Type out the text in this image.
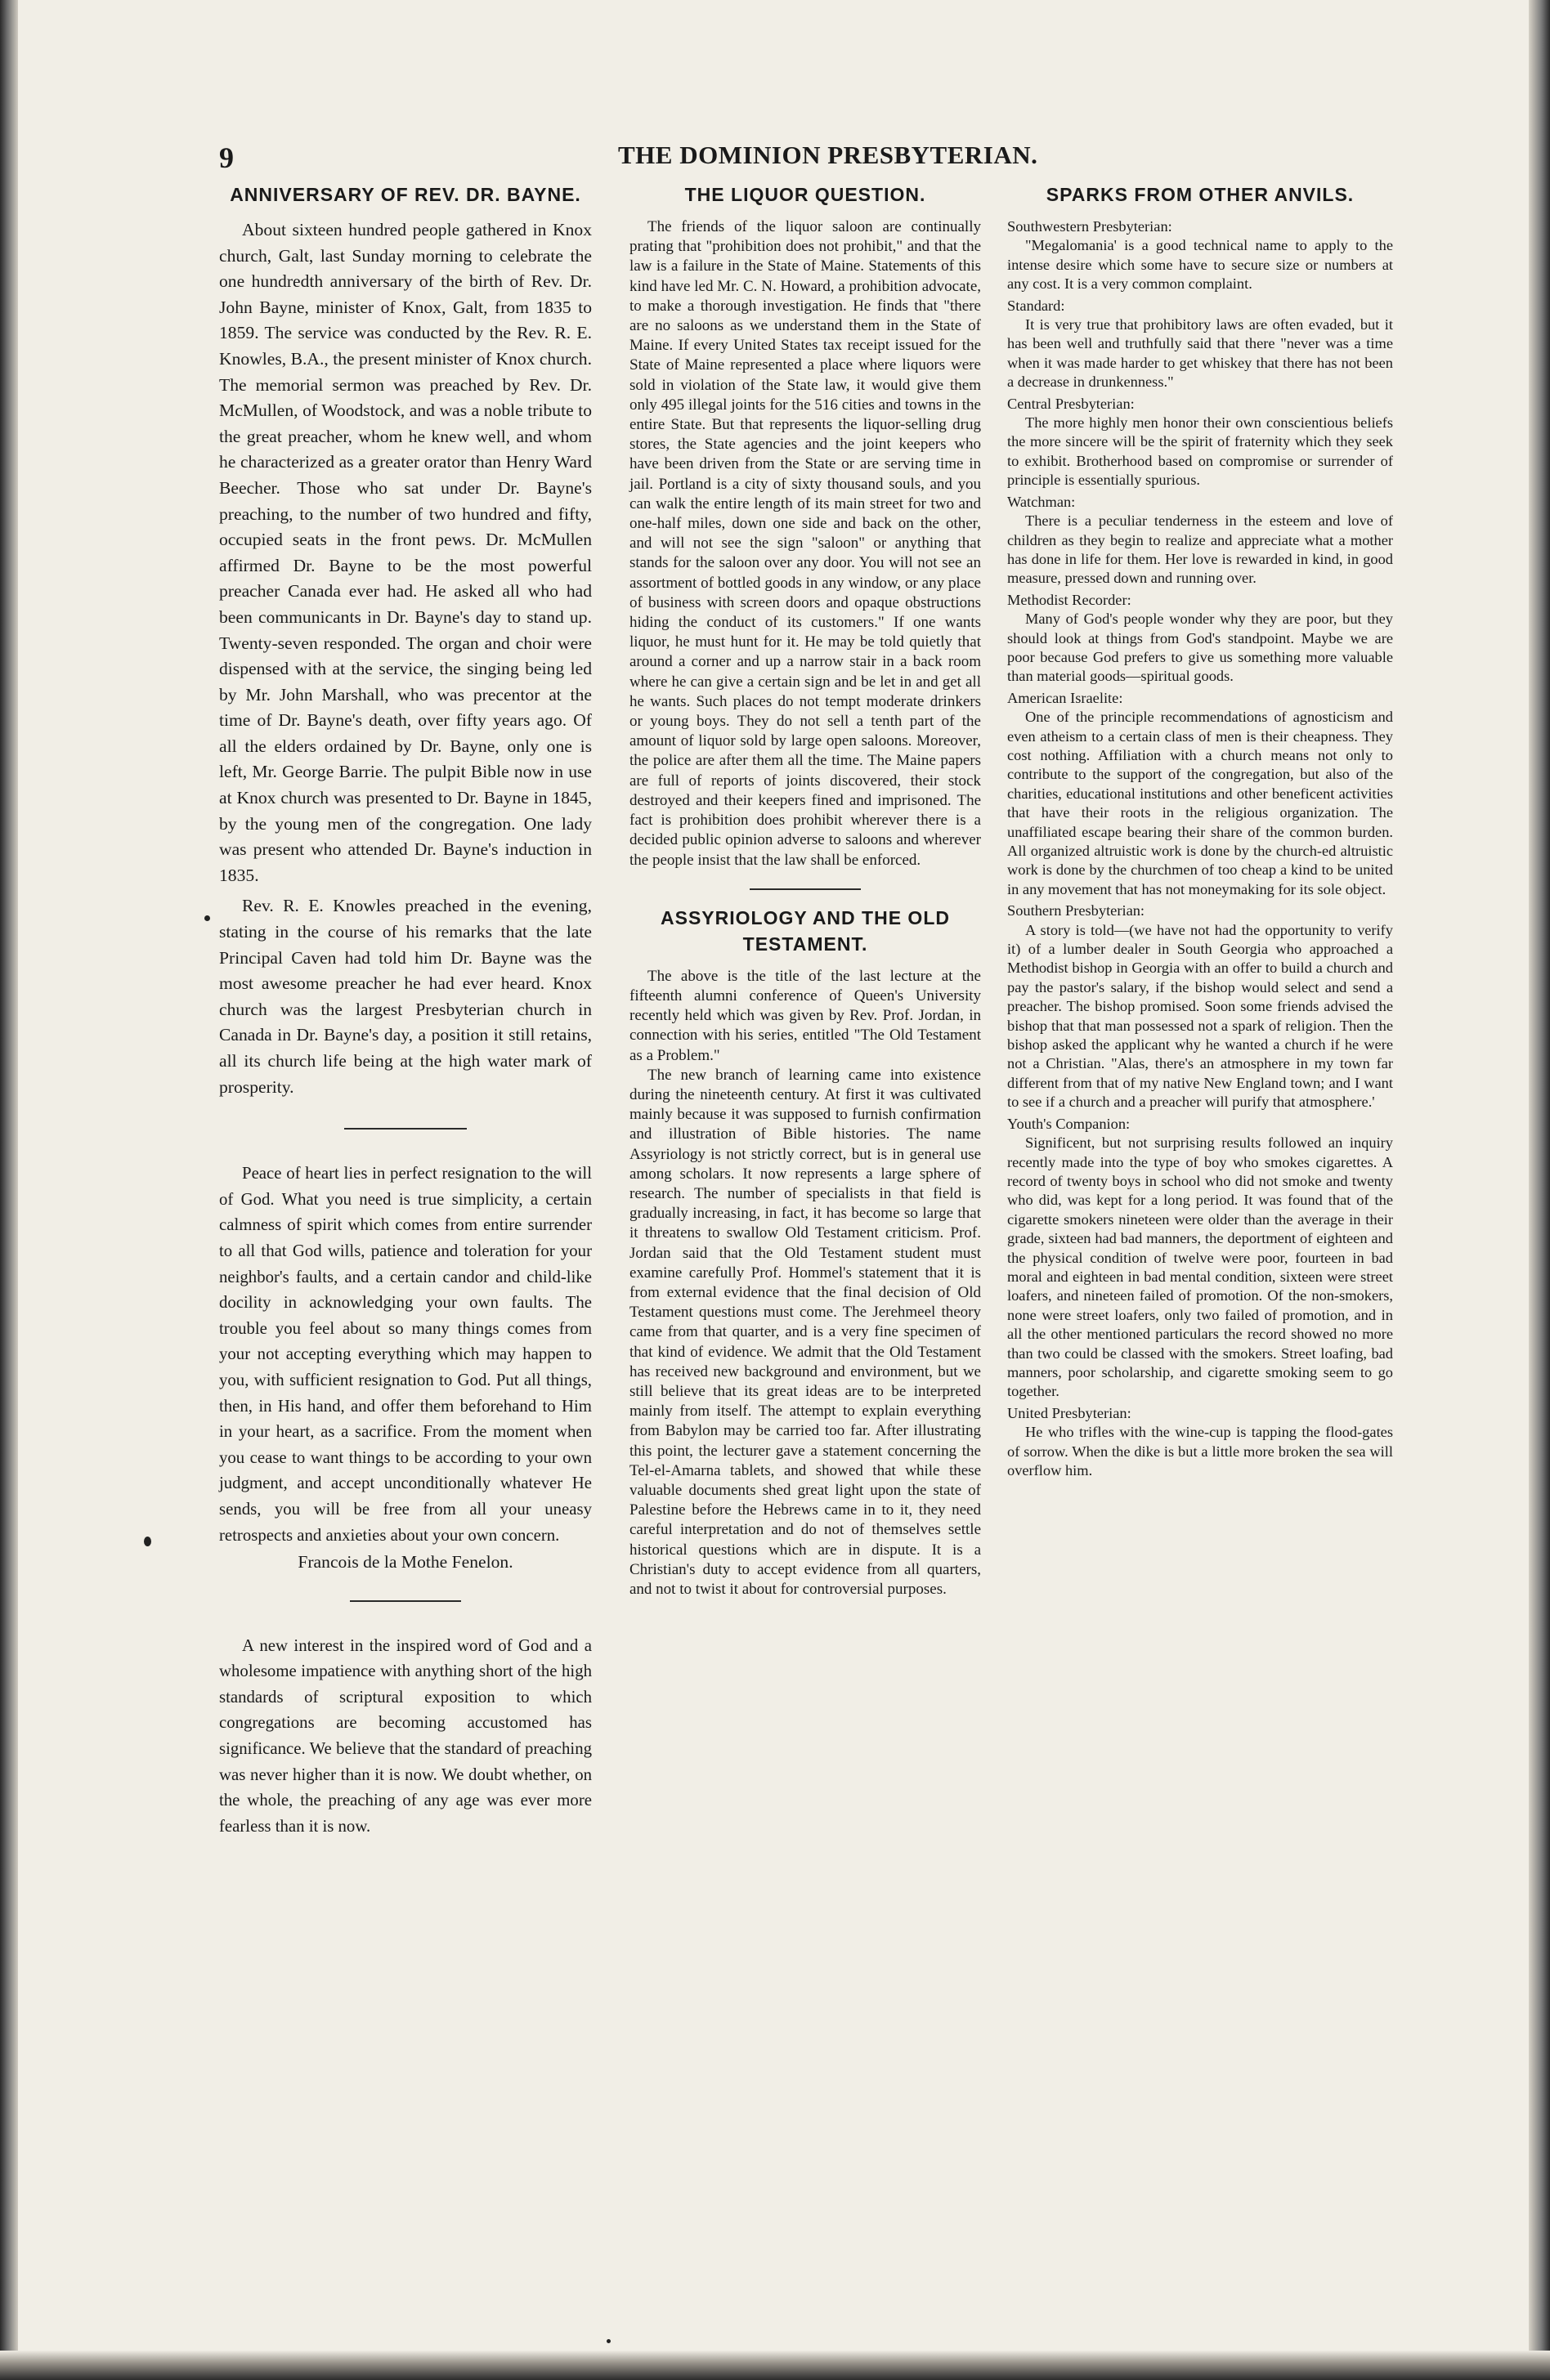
9	THE DOMINION PRESBYTERIAN.
ANNIVERSARY OF REV. DR. BAYNE.

About sixteen hundred people gathered in Knox church, Galt, last Sunday morning to celebrate the one hundredth anniversary of the birth of Rev. Dr. John Bayne, minister of Knox, Galt, from 1835 to 1859. The service was conducted by the Rev. R. E. Knowles, B.A., the present minister of Knox church. The memorial sermon was preached by Rev. Dr. McMullen, of Woodstock, and was a noble tribute to the great preacher, whom he knew well, and whom he characterized as a greater orator than Henry Ward Beecher. Those who sat under Dr. Bayne's preaching, to the number of two hundred and fifty, occupied seats in the front pews. Dr. McMullen affirmed Dr. Bayne to be the most powerful preacher Canada ever had. He asked all who had been communicants in Dr. Bayne's day to stand up. Twenty-seven responded. The organ and choir were dispensed with at the service, the singing being led by Mr. John Marshall, who was precentor at the time of Dr. Bayne's death, over fifty years ago. Of all the elders ordained by Dr. Bayne, only one is left, Mr. George Barrie. The pulpit Bible now in use at Knox church was presented to Dr. Bayne in 1845, by the young men of the congregation. One lady was present who attended Dr. Bayne's induction in 1835.

Rev. R. E. Knowles preached in the evening, stating in the course of his remarks that the late Principal Caven had told him Dr. Bayne was the most awesome preacher he had ever heard. Knox church was the largest Presbyterian church in Canada in Dr. Bayne's day, a position it still retains, all its church life being at the high water mark of prosperity.

Peace of heart lies in perfect resignation to the will of God. What you need is true simplicity, a certain calmness of spirit which comes from entire surrender to all that God wills, patience and toleration for your neighbor's faults, and a certain candor and child-like docility in acknowledging your own faults. The trouble you feel about so many things comes from your not accepting everything which may happen to you, with sufficient resignation to God. Put all things, then, in His hand, and offer them beforehand to Him in your heart, as a sacrifice. From the moment when you cease to want things to be according to your own judgment, and accept unconditionally whatever He sends, you will be free from all your uneasy retrospects and anxieties about your own concern.

Francois de la Mothe Fenelon.

A new interest in the inspired word of God and a wholesome impatience with anything short of the high standards of scriptural exposition to which congregations are becoming accustomed has significance. We believe that the standard of preaching was never higher than it is now. We doubt whether, on the whole, the preaching of any age was ever more fearless than it is now.

THE LIQUOR QUESTION.

The friends of the liquor saloon are continually prating that "prohibition does not prohibit," and that the law is a failure in the State of Maine. Statements of this kind have led Mr. C. N. Howard, a prohibition advocate, to make a thorough investigation. He finds that "there are no saloons as we understand them in the State of Maine. If every United States tax receipt issued for the State of Maine represented a place where liquors were sold in violation of the State law, it would give them only 495 illegal joints for the 516 cities and towns in the entire State. But that represents the liquor-selling drug stores, the State agencies and the joint keepers who have been driven from the State or are serving time in jail. Portland is a city of sixty thousand souls, and you can walk the entire length of its main street for two and one-half miles, down one side and back on the other, and will not see the sign "saloon" or anything that stands for the saloon over any door. You will not see an assortment of bottled goods in any window, or any place of business with screen doors and opaque obstructions hiding the conduct of its customers." If one wants liquor, he must hunt for it. He may be told quietly that around a corner and up a narrow stair in a back room where he can give a certain sign and be let in and get all he wants. Such places do not tempt moderate drinkers or young boys. They do not sell a tenth part of the amount of liquor sold by large open saloons. Moreover, the police are after them all the time. The Maine papers are full of reports of joints discovered, their stock destroyed and their keepers fined and imprisoned. The fact is prohibition does prohibit wherever there is a decided public opinion adverse to saloons and wherever the people insist that the law shall be enforced.

ASSYRIOLOGY AND THE OLD TESTAMENT.

The above is the title of the last lecture at the fifteenth alumni conference of Queen's University recently held which was given by Rev. Prof. Jordan, in connection with his series, entitled "The Old Testament as a Problem."

The new branch of learning came into existence during the nineteenth century. At first it was cultivated mainly because it was supposed to furnish confirmation and illustration of Bible histories. The name Assyriology is not strictly correct, but is in general use among scholars. It now represents a large sphere of research. The number of specialists in that field is gradually increasing, in fact, it has become so large that it threatens to swallow Old Testament criticism. Prof. Jordan said that the Old Testament student must examine carefully Prof. Hommel's statement that it is from external evidence that the final decision of Old Testament questions must come. The Jerehmeel theory came from that quarter, and is a very fine specimen of that kind of evidence. We admit that the Old Testament has received new background and environment, but we still believe that its great ideas are to be interpreted mainly from itself. The attempt to explain everything from Babylon may be carried too far. After illustrating this point, the lecturer gave a statement concerning the Tel-el-Amarna tablets, and showed that while these valuable documents shed great light upon the state of Palestine before the Hebrews came in to it, they need careful interpretation and do not of themselves settle historical questions which are in dispute. It is a Christian's duty to accept evidence from all quarters, and not to twist it about for controversial purposes.

SPARKS FROM OTHER ANVILS.

Southwestern Presbyterian:

"Megalomania' is a good technical name to apply to the intense desire which some have to secure size or numbers at any cost. It is a very common complaint.

Standard:

It is very true that prohibitory laws are often evaded, but it has been well and truthfully said that there "never was a time when it was made harder to get whiskey that there has not been a decrease in drunkenness."

Central Presbyterian:

The more highly men honor their own conscientious beliefs the more sincere will be the spirit of fraternity which they seek to exhibit. Brotherhood based on compromise or surrender of principle is essentially spurious.

Watchman:

There is a peculiar tenderness in the esteem and love of children as they begin to realize and appreciate what a mother has done in life for them. Her love is rewarded in kind, in good measure, pressed down and running over.

Methodist Recorder:

Many of God's people wonder why they are poor, but they should look at things from God's standpoint. Maybe we are poor because God prefers to give us something more valuable than material goods—spiritual goods.

American Israelite:

One of the principle recommendations of agnosticism and even atheism to a certain class of men is their cheapness. They cost nothing. Affiliation with a church means not only to contribute to the support of the congregation, but also of the charities, educational institutions and other beneficent activities that have their roots in the religious organization. The unaffiliated escape bearing their share of the common burden. All organized altruistic work is done by the church-ed altruistic work is done by the churchmen of too cheap a kind to be united in any movement that has not moneymaking for its sole object.

Southern Presbyterian:

A story is told—(we have not had the opportunity to verify it) of a lumber dealer in South Georgia who approached a Methodist bishop in Georgia with an offer to build a church and pay the pastor's salary, if the bishop would select and send a preacher. The bishop promised. Soon some friends advised the bishop that that man possessed not a spark of religion. Then the bishop asked the applicant why he wanted a church if he were not a Christian. "Alas, there's an atmosphere in my town far different from that of my native New England town; and I want to see if a church and a preacher will purify that atmosphere.'

Youth's Companion:

Significent, but not surprising results followed an inquiry recently made into the type of boy who smokes cigarettes. A record of twenty boys in school who did not smoke and twenty who did, was kept for a long period. It was found that of the cigarette smokers nineteen were older than the average in their grade, sixteen had bad manners, the deportment of eighteen and the physical condition of twelve were poor, fourteen in bad moral and eighteen in bad mental condition, sixteen were street loafers, and nineteen failed of promotion. Of the non-smokers, none were street loafers, only two failed of promotion, and in all the other mentioned particulars the record showed no more than two could be classed with the smokers. Street loafing, bad manners, poor scholarship, and cigarette smoking seem to go together.

United Presbyterian:

He who trifles with the wine-cup is tapping the flood-gates of sorrow. When the dike is but a little more broken the sea will overflow him.
